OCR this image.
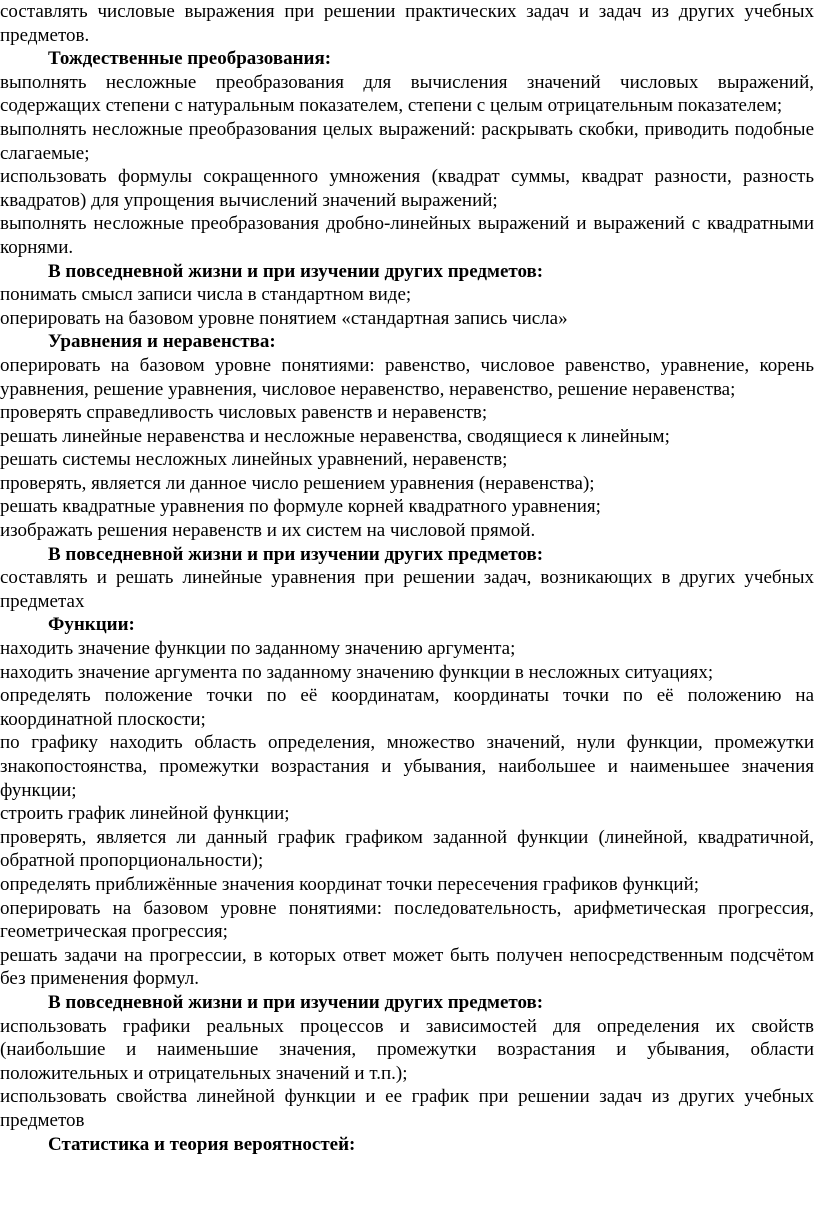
составлять числовые выражения при решении практических задач и задач из других учебных предметов.

Тождественные преобразования:

выполнять несложные преобразования для вычисления значений числовых выражений, содержащих степени с натуральным показателем, степени с целым отрицательным показателем;

выполнять несложные преобразования целых выражений: раскрывать скобки, приводить подобные слагаемые;

использовать формулы сокращенного умножения (квадрат суммы, квадрат разности, разность квадратов) для упрощения вычислений значений выражений;

выполнять несложные преобразования дробно-линейных выражений и выражений с квадратными корнями.

В повседневной жизни и при изучении других предметов:

понимать смысл записи числа в стандартном виде;

оперировать на базовом уровне понятием «стандартная запись числа»

Уравнения и неравенства:

оперировать на базовом уровне понятиями: равенство, числовое равенство, уравнение, корень уравнения, решение уравнения, числовое неравенство, неравенство, решение неравенства;

проверять справедливость числовых равенств и неравенств;

решать линейные неравенства и несложные неравенства, сводящиеся к линейным;

решать системы несложных линейных уравнений, неравенств;

проверять, является ли данное число решением уравнения (неравенства);

решать квадратные уравнения по формуле корней квадратного уравнения;

изображать решения неравенств и их систем на числовой прямой.

В повседневной жизни и при изучении других предметов:

составлять и решать линейные уравнения при решении задач, возникающих в других учебных предметах

Функции:

находить значение функции по заданному значению аргумента;

находить значение аргумента по заданному значению функции в несложных ситуациях;

определять положение точки по её координатам, координаты точки по её положению на координатной плоскости;

по графику находить область определения, множество значений, нули функции, промежутки знакопостоянства, промежутки возрастания и убывания, наибольшее и наименьшее значения функции;

строить график линейной функции;

проверять, является ли данный график графиком заданной функции (линейной, квадратичной, обратной пропорциональности);

определять приближённые значения координат точки пересечения графиков функций;

оперировать на базовом уровне понятиями: последовательность, арифметическая прогрессия, геометрическая прогрессия;

решать задачи на прогрессии, в которых ответ может быть получен непосредственным подсчётом без применения формул.

В повседневной жизни и при изучении других предметов:

использовать графики реальных процессов и зависимостей для определения их свойств (наибольшие и наименьшие значения, промежутки возрастания и убывания, области положительных и отрицательных значений и т.п.);

использовать свойства линейной функции и ее график при решении задач из других учебных предметов

Статистика и теория вероятностей:
